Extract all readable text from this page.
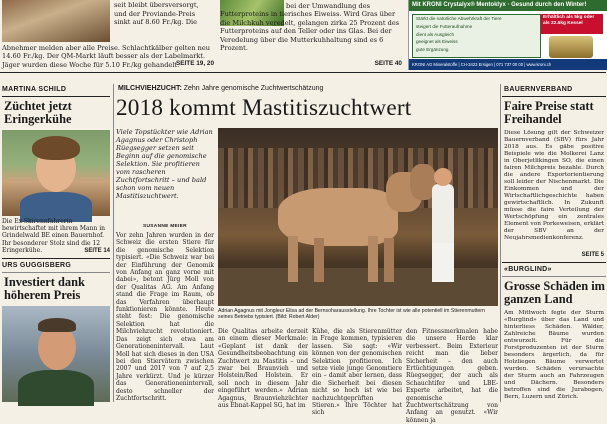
seit bleibt übersversorgt,
und der Proviande-Preis
sinkt auf 8.60 Fr./kg. Die
Abnehmer melden aber alle Preise. Schlachtkälber gelten neu 14.60 Fr./kg. Der QM-Markt läuft besser als der Labelmarkt. Jäger wurden diese Woche für 5.10 Fr./kg gehandelt.
SEITE 19, 20
bei der Umwandlung des Futterproteins in tierisches Eiweiss. Wird Gras über die Milchkuh veredelt, gelangen zirka 25 Prozent des Futterproteins auf den Teller oder ins Glas. Bei der Veredelung über die Mutterkuhhaltung sind es 6 Prozent.
SEITE 40
Mit KRONI Crystalyx® Mentoklyx · Gesund durch den Winter!
Stärkt die natürliche Abwehrkraft der Tiere
steigert die Futteraufnahme
dient als Ausgleich
geeignet als Eiweiss
gute Ergänzung
Erhältlich als 5kg oder als 22.5kg Kessel
KRONI AG Mineralstoffe | CH-3423 Ersigen | 071 737 00 00 | www.kroni.ch
MARTINA SCHILD
Züchtet jetzt Eringerkühe
Die Ex-Skirennfahrerin bewirtschaftet mit ihrem Mann in Grindelwald BE einen Bauernhof. Ihr besonderer Stolz sind die 12 Eringerkühe.	SEITE 14
URS GUGGISBERG
Investiert dank höherem Preis
MILCHVIEHZUCHT: Zehn Jahre genomische Zuchtwertschätzung
2018 kommt Mastitiszuchtwert
Viele Topstückter wie Adrian Agagnus oder Christoph Rüegsegger setzen seit Beginn auf die genomische Selektion. Sie profitieren vom rascheren Zuchtfortschritt – und bald schon vom neuen Mastitiszuchtwert.
SUSANNE MEIER
Vor zehn Jahren wurden in der Schweiz die ersten Stiere für die genomische Selektion typisiert. «Die Schweiz war bei der Einführung der Genomik von Anfang an ganz vorne mit dabei», betont Jürg Moll von der Qualitas AG. Am Anfang stand die Frage im Raum, ob das Verfahren überhaupt funktionieren könnte. Heute steht fest: Die genomische Selektion hat die Milchviehzucht revolutioniert. Das zeigt sich etwa am Generationenintervall. Laut Moll hat sich dieses in den USA bei den Stiervätern zwischen 2007 und 2017 von 7 auf 2,5 Jahre verkürzt. Und je kürzer das Generationenintervall, desto schneller der Zuchtfortschritt.
Adrian Agagnus mit Jongleur Elisa ad der Bernsoharausstellung. Ihre Tochter ist wie alle potentiell im Stierenmuttern seines Betriebs typisiert. (Bild: Robert Alder)
Die Qualitas arbeite derzeit an einem dieser Merkmale: «Geplant ist dank der Gesundheitsbeobachtung ein Zuchtwert zu Mastitis – und zwar bei Braunvieh und Holstein/Red Holstein. Er soll noch in diesem Jahr eingeführt werden.» Adrian Agagnus, Braunviehzüchter aus Ebnat-Kappel SG, hat im
Kühe, die als Stierenmütter in Frage kommen, typisieren lassen. Sie sagt: «Wir können von der genomischen Selektion profitieren. Ich setze viele junge Genomtiere ein – damit aber lernen, dass die Sicherheit bei diesen nicht so hoch ist wie bei nachzuchtgeprüften Stieren.» Ihre Töchter hat sich
den Fitnessmerkmalen habe die unsere Herde klar verbessert. Beim Exterieur reicht man die lieber Sicherheit – den auch Ertüchtigungen geben. Rüegsegger, der auch als Schauchtifer und LBE-Experte arbeitet, hat die genomische Zuchtwertschätzung von Anfang an genutzt. «Wir können ja
BAUERNVERBAND
Faire Preise statt Freihandel
Diese Lösung gilt der Schweizer Bauernverband (SBV) fürs Jahr 2018 aus. Es gäbe positive Beispiele wie die Molkerei Lanz in Oberjetlikingen SO, die einen fairen Milchpreis bezahle. Durch die andere Exportorientierung soll leider der Nischenmarkt. Die Einkommen und der Wirtschaftlichgeschichte haben gewirtschaftlich. In Zukunft müsse die faire Verteilung der Wertschöpfung ein zentrales Element von Porkeweisen, erklärt der SBV an der Neujahrsmedienkonferenz.
SEITE 5
«BURGLIND»
Grosse Schäden im ganzen Land
Am Mittwoch fegte der Sturm «Burglind» über das Land und hinterliess Schäden. Wälder, Zahlreiche Bäume wurden entwurzelt. Für die Forstproduzenten ist der Sturm besonders ärgerlich, da für Holzliegen Bäume verwertet wurden. Schäden verursachte der Sturm auch an Fahrzeugen und Dächern. Besonders betroffen sind die Jurabogen, Bern, Luzern und Zürich.
